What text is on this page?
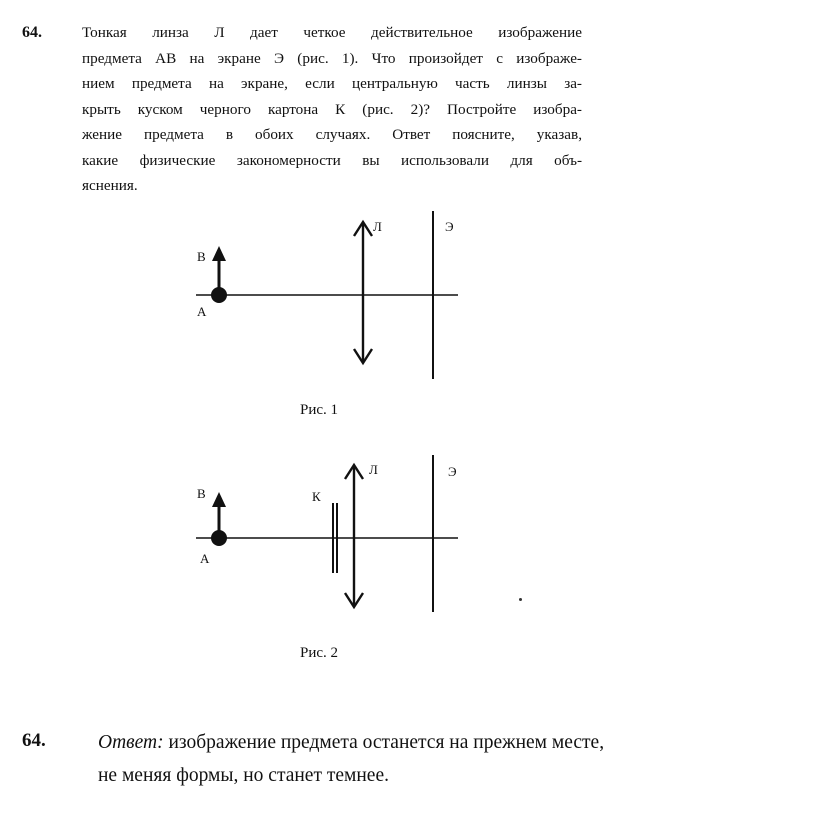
64.	Тонкая линза Л дает четкое действительное изображение
предмета АВ на экране Э (рис. 1). Что произойдет с изображе-
нием предмета на экране, если центральную часть линзы за-
крыть куском черного картона К (рис. 2)? Постройте изобра-
жение предмета в обоих случаях. Ответ поясните, указав,
какие физические закономерности вы использовали для объ-
яснения.
В
А
Л	Э
Рис. 1
В
А
К
Л	Э
Рис. 2
64.	Ответ: изображение предмета останется на прежнем месте,
не меняя формы, но станет темнее.
